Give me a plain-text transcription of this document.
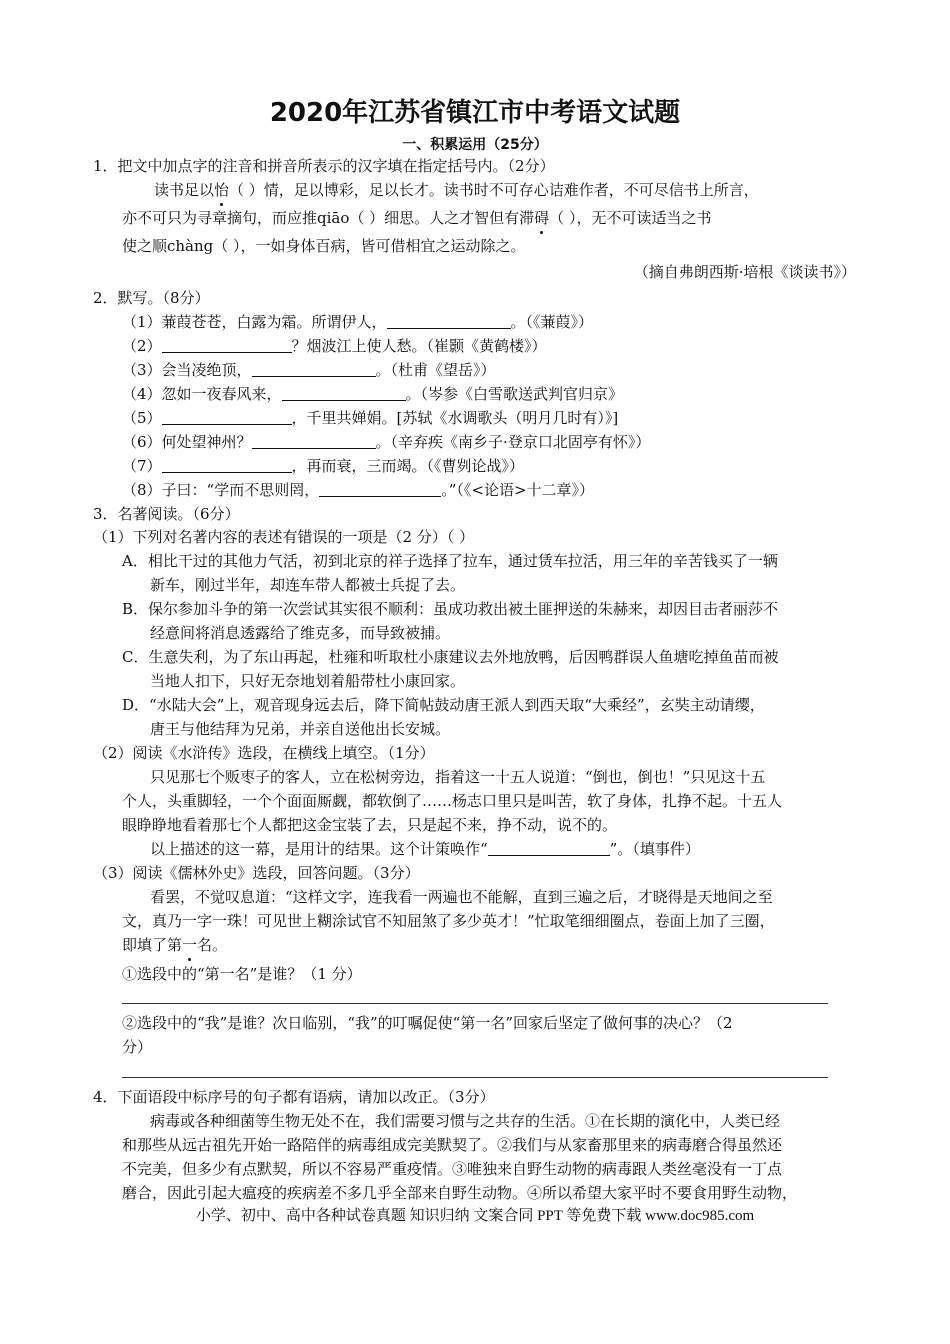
2020年江苏省镇江市中考语文试题
一、积累运用（25分）
1．把文中加点字的注音和拼音所表示的汉字填在指定括号内。（2分）
读书足以怡（ ）情，足以博彩，足以长才。读书时不可存心诘难作者，不可尽信书上所言，
亦不可只为寻章摘句，而应推qiāo（ ）细思。人之才智但有滞碍（ ），无不可读适当之书
使之顺chàng（ ），一如身体百病，皆可借相宜之运动除之。
（摘自弗朗西斯·培根《谈读书》）
2．默写。（8分）
（1）蒹葭苍苍，白露为霜。所谓伊人，	。（《蒹葭》）
（2）	？烟波江上使人愁。（崔颢《黄鹤楼》）
（3）会当凌绝顶，	。（杜甫《望岳》）
（4）忽如一夜春风来，	。（岑参《白雪歌送武判官归京》
（5）	，千里共婵娟。[苏轼《水调歌头（明月几时有）》]
（6）何处望神州？	。（辛弃疾《南乡子·登京口北固亭有怀》）
（7）	，再而衰，三而竭。（《曹刿论战》）
（8）子曰：“学而不思则罔，	。”（《<论语>十二章》）
3．名著阅读。（6分）
（1）下列对名著内容的表述有错误的一项是（2 分）（ ）
A．相比干过的其他力气活，初到北京的祥子选择了拉车，通过赁车拉活，用三年的辛苦钱买了一辆
新车，刚过半年，却连车带人都被士兵捉了去。
B．保尔参加斗争的第一次尝试其实很不顺利：虽成功救出被土匪押送的朱赫来，却因目击者丽莎不
经意间将消息透露给了维克多，而导致被捕。
C．生意失利，为了东山再起，杜雍和听取杜小康建议去外地放鸭，后因鸭群误人鱼塘吃掉鱼苗而被
当地人扣下，只好无奈地划着船带杜小康回家。
D．“水陆大会”上，观音现身远去后，降下简帖鼓动唐王派人到西天取“大乘经”，玄奘主动请缨，
唐王与他结拜为兄弟，并亲自送他出长安城。
（2）阅读《水浒传》选段，在横线上填空。（1分）
只见那七个贩枣子的客人，立在松树旁边，指着这一十五人说道：“倒也，倒也！”只见这十五
个人，头重脚轻，一个个面面厮觑，都软倒了……杨志口里只是叫苦，软了身体，扎挣不起。十五人
眼睁睁地看着那七个人都把这金宝装了去，只是起不来，挣不动，说不的。
以上描述的这一幕，是用计的结果。这个计策唤作“	”。（填事件）
（3）阅读《儒林外史》选段，回答问题。（3分）
看罢，不觉叹息道：“这样文字，连我看一两遍也不能解，直到三遍之后，才晓得是天地间之至
文，真乃一字一珠！可见世上糊涂试官不知屈煞了多少英才！”忙取笔细细圈点，卷面上加了三圈，
即填了第一名。
①选段中的“第一名”是谁？（1 分）
②选段中的“我”是谁？次日临别，“我”的叮嘱促使“第一名”回家后坚定了做何事的决心？（2
分）
4．下面语段中标序号的句子都有语病，请加以改正。（3分）
病毒或各种细菌等生物无处不在，我们需要习惯与之共存的生活。①在长期的演化中，人类已经
和那些从远古祖先开始一路陪伴的病毒组成完美默契了。②我们与从家畜那里来的病毒磨合得虽然还
不完美，但多少有点默契，所以不容易严重疫情。③唯独来自野生动物的病毒跟人类丝毫没有一丁点
磨合，因此引起大瘟疫的疾病差不多几乎全部来自野生动物。④所以希望大家平时不要食用野生动物，
小学、初中、高中各种试卷真题 知识归纳 文案合同 PPT 等免费下载 www.doc985.com
